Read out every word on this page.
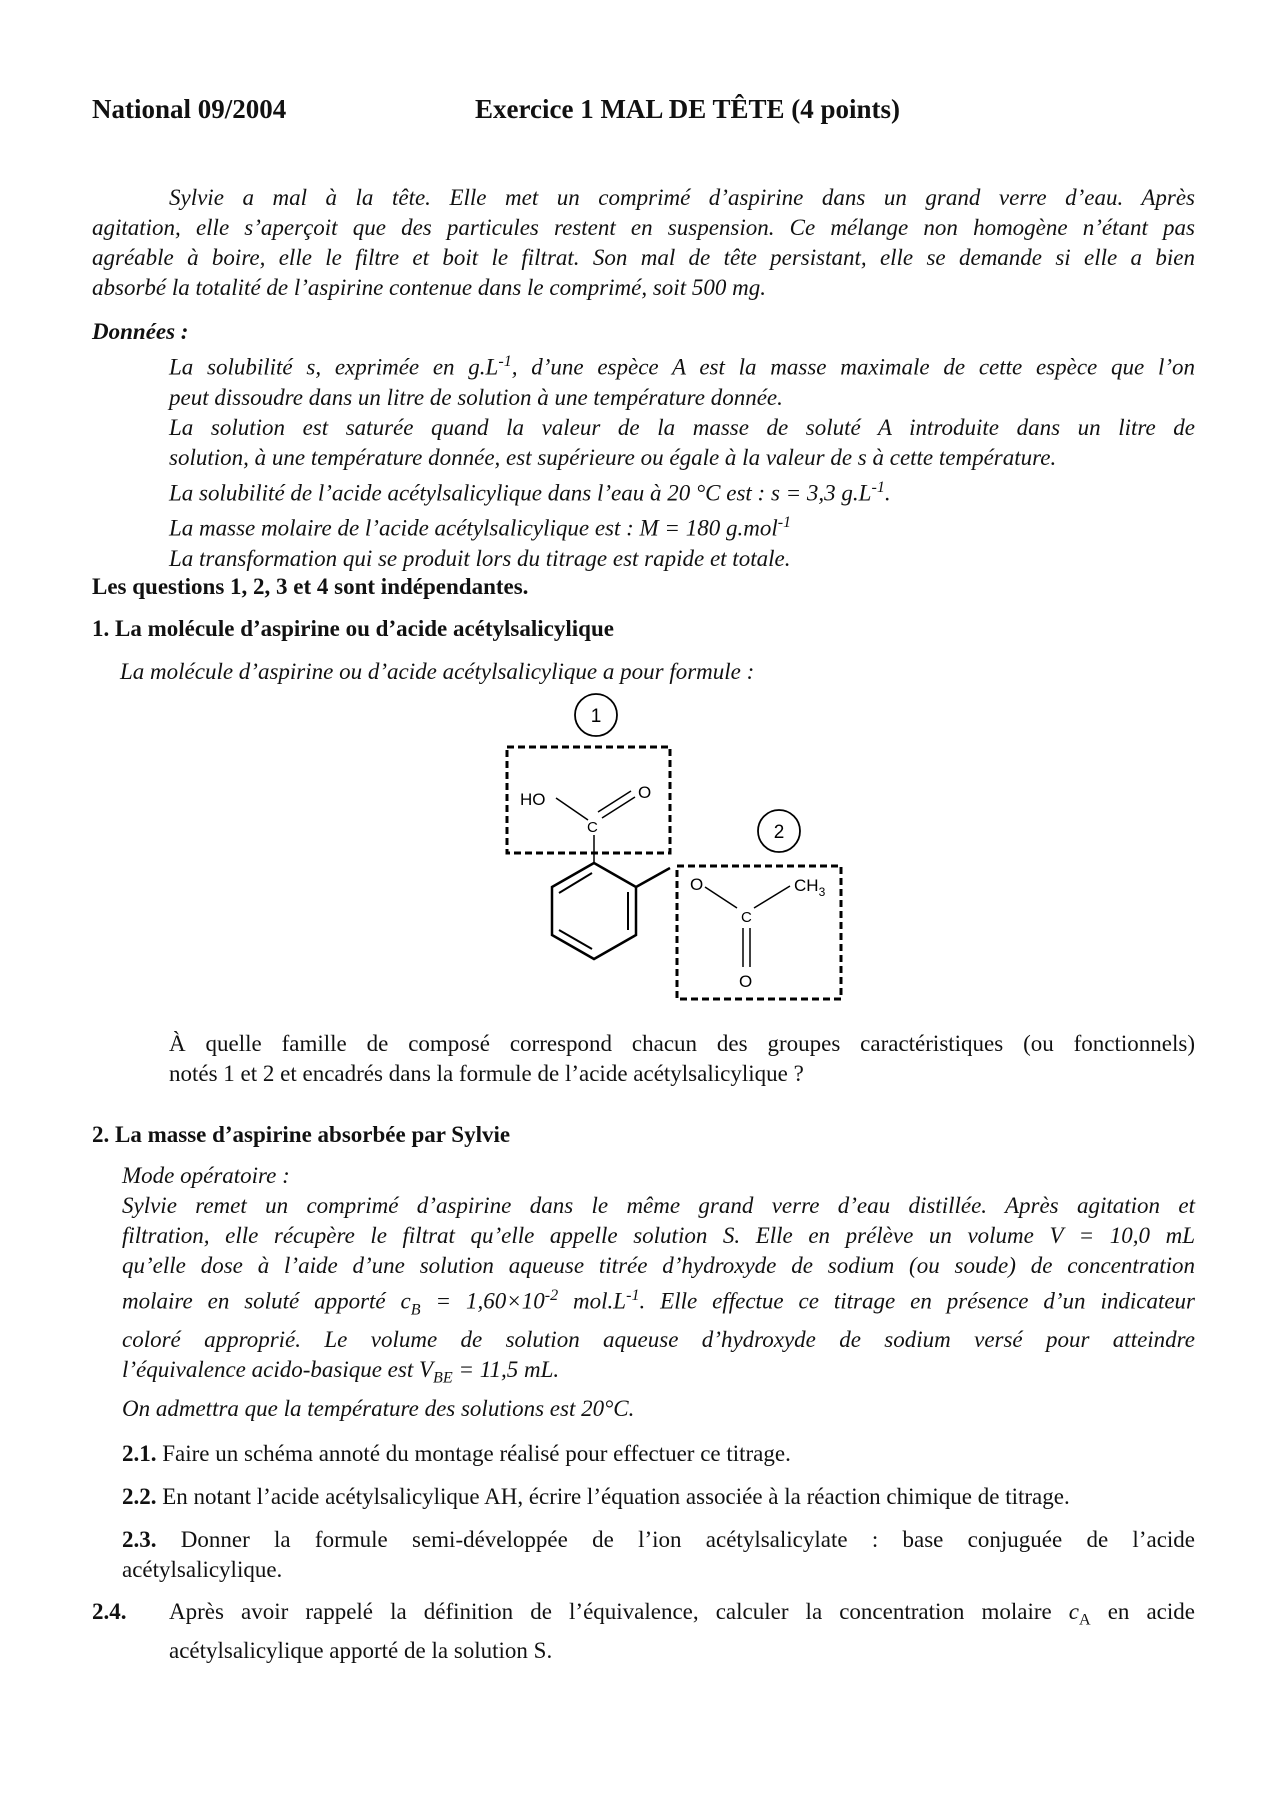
National 09/2004	Exercice 1 MAL DE TÊTE (4 points)
Sylvie a mal à la tête. Elle met un comprimé d’aspirine dans un grand verre d’eau. Après
agitation, elle s’aperçoit que des particules restent en suspension. Ce mélange non homogène n’étant pas
agréable à boire, elle le filtre et boit le filtrat. Son mal de tête persistant, elle se demande si elle a bien
absorbé la totalité de l’aspirine contenue dans le comprimé, soit 500 mg.
Données :
La solubilité s, exprimée en $g.L^{-1}$, d’une espèce A est la masse maximale de cette espèce que l’on
peut dissoudre dans un litre de solution à une température donnée.
La solution est saturée quand la valeur de la masse de soluté A introduite dans un litre de
solution, à une température donnée, est supérieure ou égale à la valeur de s à cette température.
La solubilité de l’acide acétylsalicylique dans l’eau à 20 °C est : s = 3,3 $g.L^{-1}$.
La masse molaire de l’acide acétylsalicylique est : M = 180 g.mol$^{-1}$
La transformation qui se produit lors du titrage est rapide et totale.
Les questions 1, 2, 3 et 4 sont indépendantes.
1. La molécule d’aspirine ou d’acide acétylsalicylique
La molécule d’aspirine ou d’acide acétylsalicylique a pour formule :
1
HO
C
O
2
O
C
$CH_3$
O
À quelle famille de composé correspond chacun des groupes caractéristiques (ou fonctionnels)
notés 1 et 2 et encadrés dans la formule de l’acide acétylsalicylique ?
2. La masse d’aspirine absorbée par Sylvie
Mode opératoire :
Sylvie remet un comprimé d’aspirine dans le même grand verre d’eau distillée. Après agitation et
filtration, elle récupère le filtrat qu’elle appelle solution S. Elle en prélève un volume V = 10,0 mL
qu’elle dose à l’aide d’une solution aqueuse titrée d’hydroxyde de sodium (ou soude) de concentration
molaire en soluté apporté $c_B = 1,60\times 10^{-2}$ $mol.L^{-1}$. Elle effectue ce titrage en présence d’un indicateur
coloré approprié. Le volume de solution aqueuse d’hydroxyde de sodium versé pour atteindre
l’équivalence acido-basique est $V_{BE} = 11,5$ mL.
On admettra que la température des solutions est 20°C.
2.1. Faire un schéma annoté du montage réalisé pour effectuer ce titrage.
2.2. En notant l’acide acétylsalicylique AH, écrire l’équation associée à la réaction chimique de titrage.
2.3. Donner la formule semi-développée de l’ion acétylsalicylate : base conjuguée de l’acide
acétylsalicylique.
2.4. Après avoir rappelé la définition de l’équivalence, calculer la concentration molaire $c_A$ en acide
acétylsalicylique apporté de la solution S.
